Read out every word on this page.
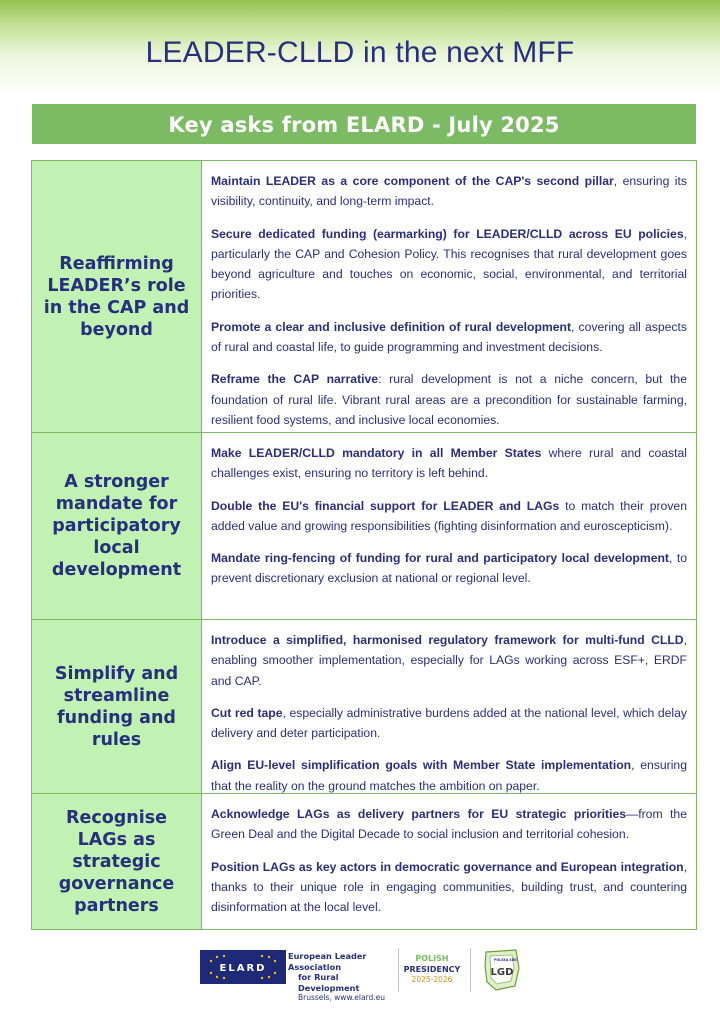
LEADER-CLLD in the next MFF
Key asks from ELARD - July 2025
Reaffirming LEADER’s role in the CAP and beyond

Maintain LEADER as a core component of the CAP's second pillar, ensuring its visibility, continuity, and long-term impact.

Secure dedicated funding (earmarking) for LEADER/CLLD across EU policies, particularly the CAP and Cohesion Policy. This recognises that rural development goes beyond agriculture and touches on economic, social, environmental, and territorial priorities.

Promote a clear and inclusive definition of rural development, covering all aspects of rural and coastal life, to guide programming and investment decisions.

Reframe the CAP narrative: rural development is not a niche concern, but the foundation of rural life. Vibrant rural areas are a precondition for sustainable farming, resilient food systems, and inclusive local economies.

A stronger mandate for participatory local development

Make LEADER/CLLD mandatory in all Member States where rural and coastal challenges exist, ensuring no territory is left behind.

Double the EU's financial support for LEADER and LAGs to match their proven added value and growing responsibilities (fighting disinformation and euroscepticism).

Mandate ring-fencing of funding for rural and participatory local development, to prevent discretionary exclusion at national or regional level.

Simplify and streamline funding and rules

Introduce a simplified, harmonised regulatory framework for multi-fund CLLD, enabling smoother implementation, especially for LAGs working across ESF+, ERDF and CAP.

Cut red tape, especially administrative burdens added at the national level, which delay delivery and deter participation.

Align EU-level simplification goals with Member State implementation, ensuring that the reality on the ground matches the ambition on paper.

Recognise LAGs as strategic governance partners

Acknowledge LAGs as delivery partners for EU strategic priorities—from the Green Deal and the Digital Decade to social inclusion and territorial cohesion.

Position LAGs as key actors in democratic governance and European integration, thanks to their unique role in engaging communities, building trust, and countering disinformation at the local level.

ELARD
European Leader Association
for Rural Development
Brussels, www.elard.eu
POLISH
PRESIDENCY
2025-2026
POLSKA SIEĆ
LGD
